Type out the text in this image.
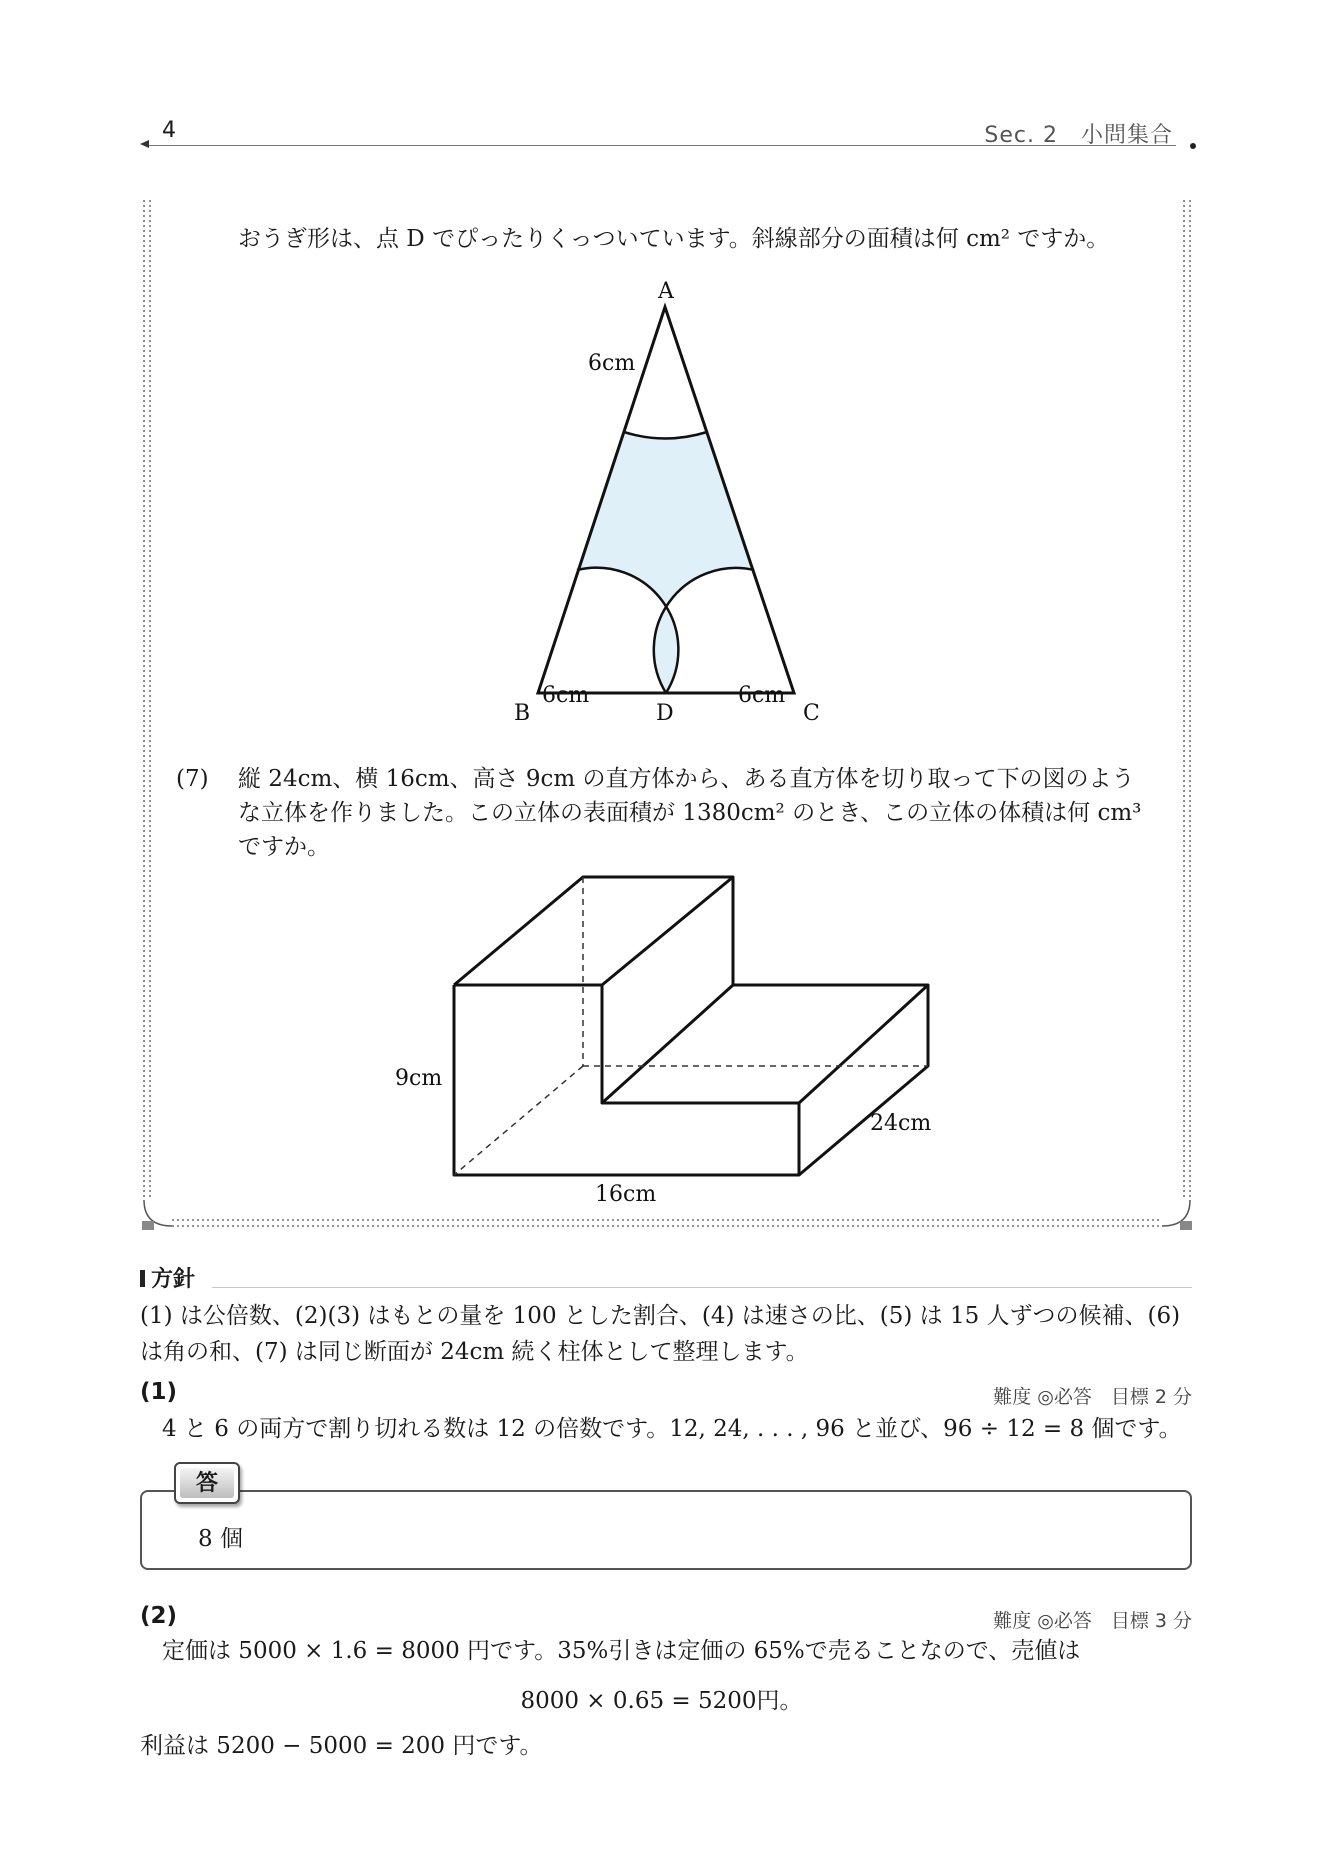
4	Sec. 2　小問集合
おうぎ形は、点 D でぴったりくっついています。斜線部分の面積は何 cm² ですか。
A
B	C
D
6cm
6cm	6cm
(7) 縦 24cm、横 16cm、高さ 9cm の直方体から、ある直方体を切り取って下の図のよう
な立体を作りました。この立体の表面積が 1380cm² のとき、この立体の体積は何 cm³
ですか。
9cm
24cm
16cm
方針
(1) は公倍数、(2)(3) はもとの量を 100 とした割合、(4) は速さの比、(5) は 15 人ずつの候補、(6)
は角の和、(7) は同じ断面が 24cm 続く柱体として整理します。
(1)	難度 ◎必答　目標 2 分
4 と 6 の両方で割り切れる数は 12 の倍数です。12, 24, . . . , 96 と並び、96 ÷ 12 = 8 個です。
答
8 個
(2)	難度 ◎必答　目標 3 分
定価は 5000 × 1.6 = 8000 円です。35%引きは定価の 65%で売ることなので、売値は
8000 × 0.65 = 5200円。
利益は 5200 − 5000 = 200 円です。
